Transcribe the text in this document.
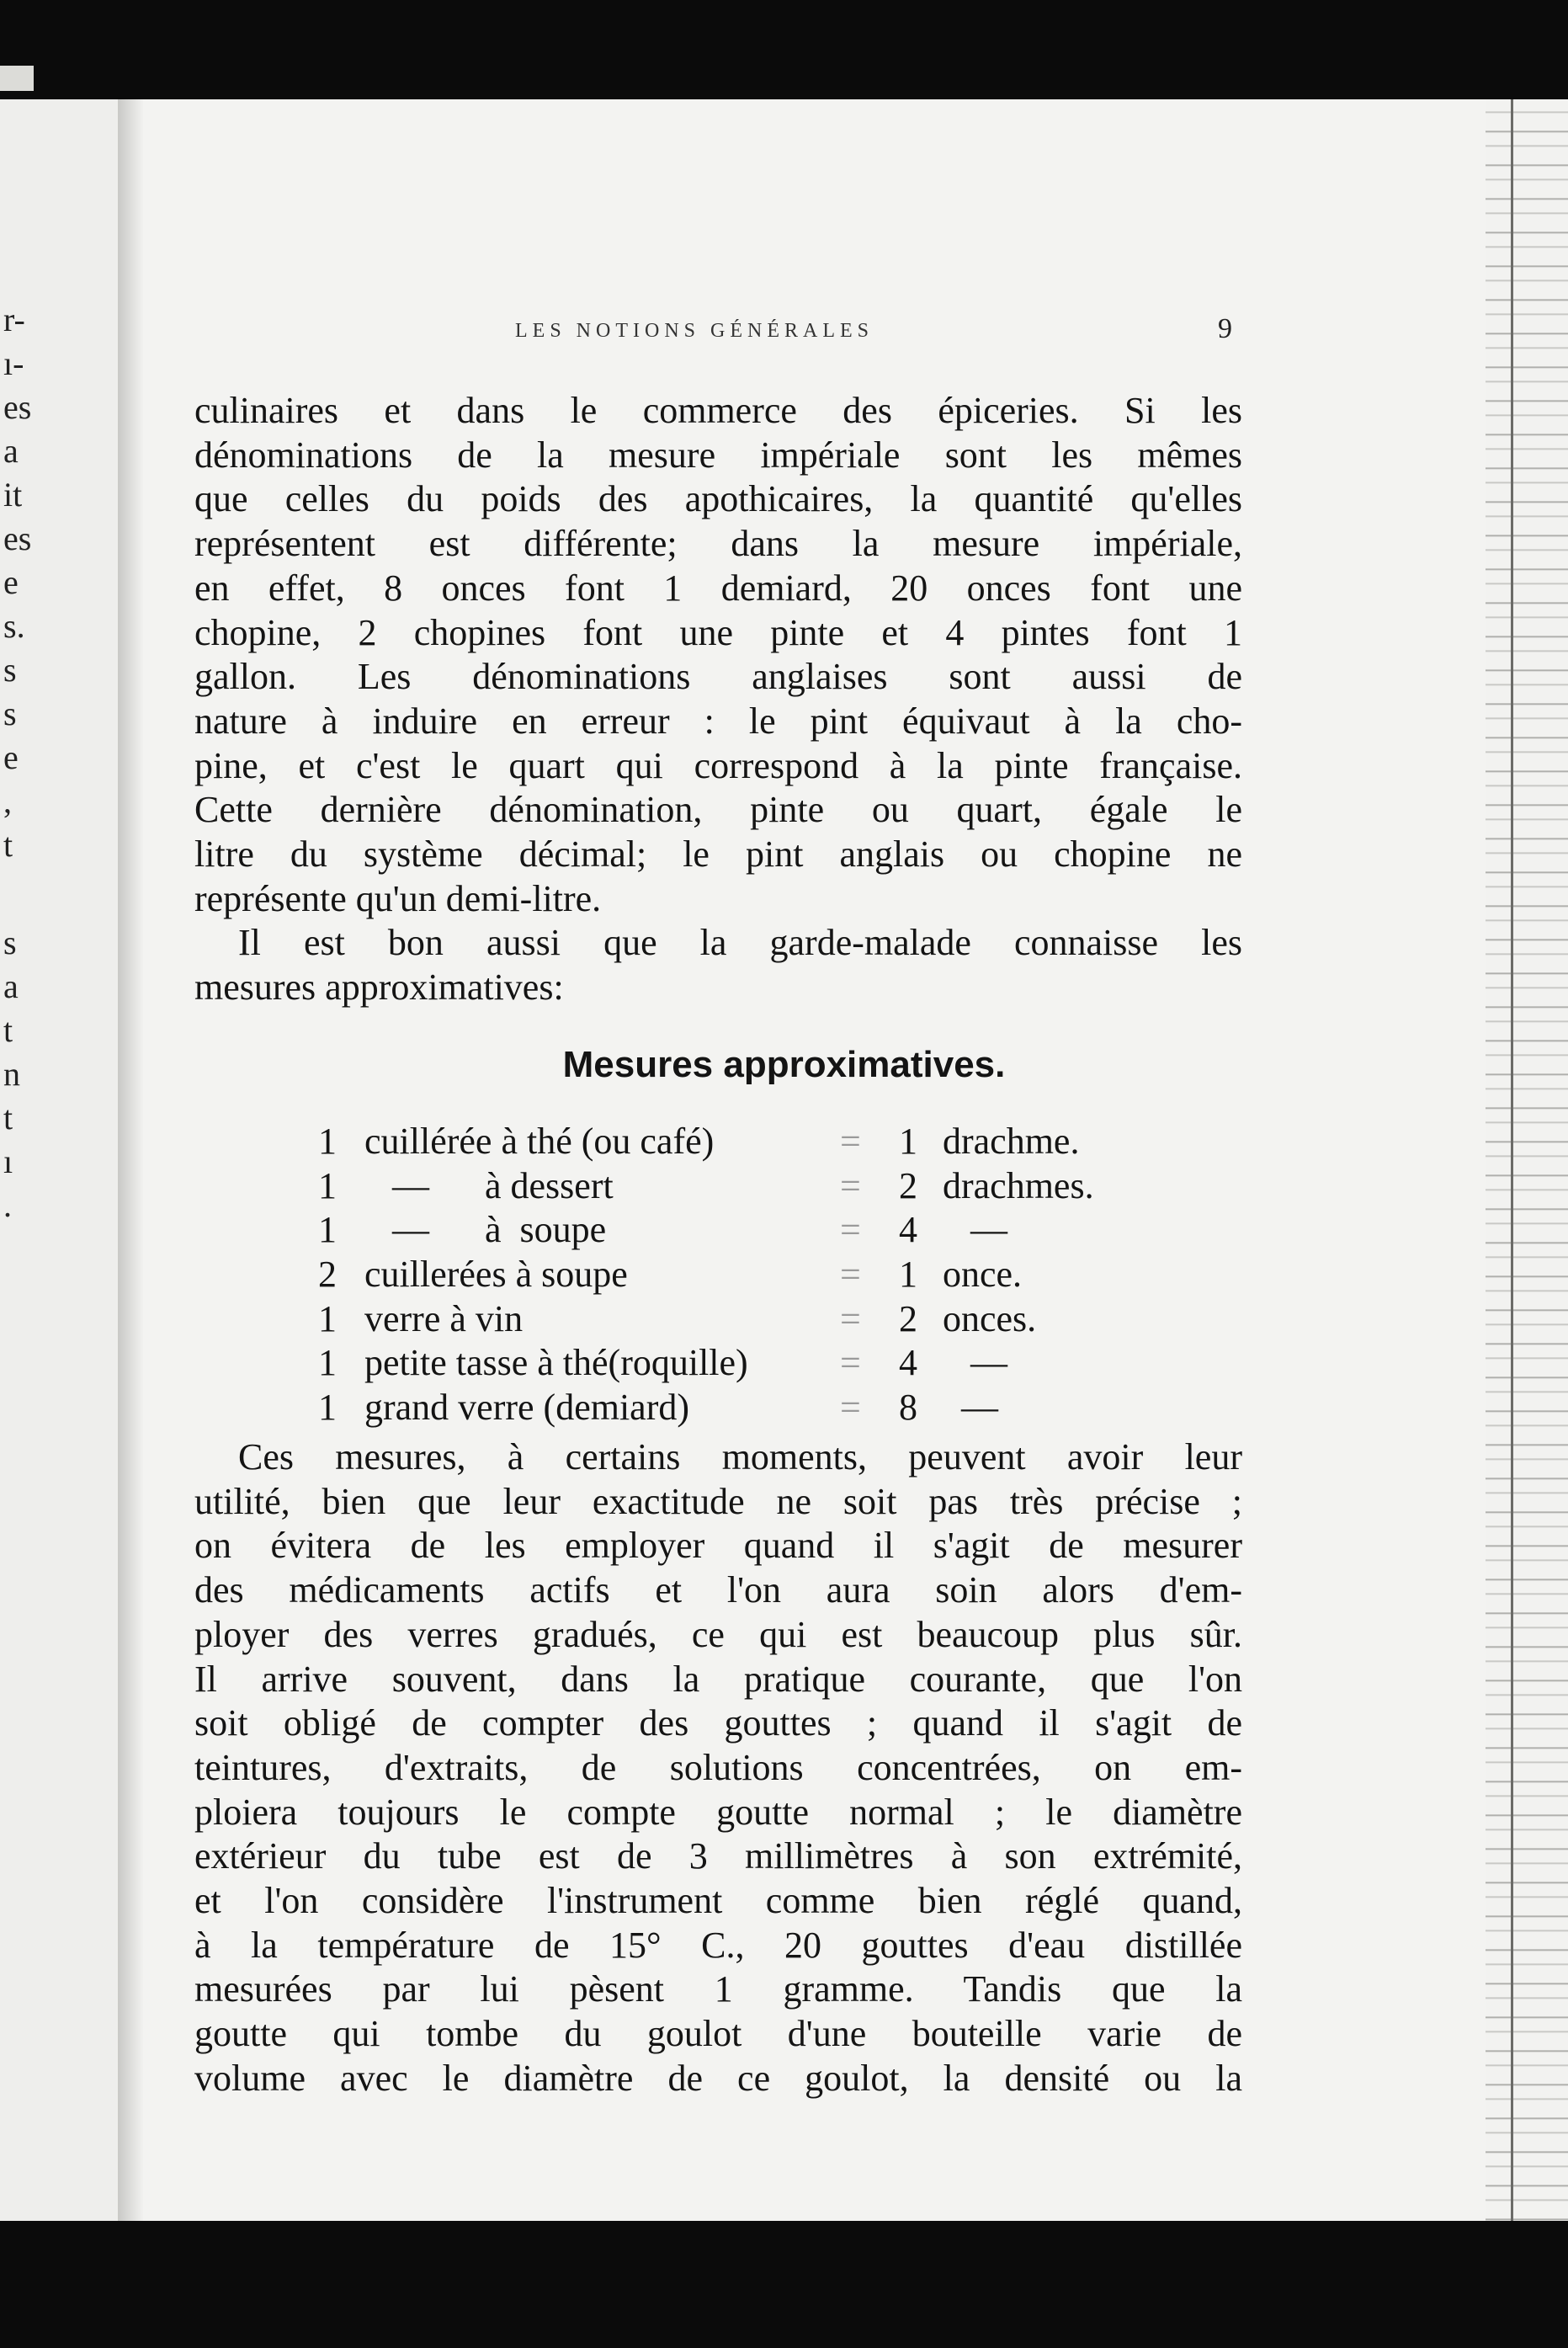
r-
ı-
es
a
it
es
e
s.
s
s
e
,
t
s
a
t
n
t
ı
.
LES NOTIONS GÉNÉRALES	9
culinaires et dans le commerce des épiceries. Si les
dénominations de la mesure impériale sont les mêmes
que celles du poids des apothicaires, la quantité qu'elles
représentent est différente; dans la mesure impériale,
en effet, 8 onces font 1 demiard, 20 onces font une
chopine, 2 chopines font une pinte et 4 pintes font 1
gallon. Les dénominations anglaises sont aussi de
nature à induire en erreur : le pint équivaut à la cho-
pine, et c'est le quart qui correspond à la pinte française.
Cette dernière dénomination, pinte ou quart, égale le
litre du système décimal; le pint anglais ou chopine ne
représente qu'un demi-litre.
Il est bon aussi que la garde-malade connaisse les
mesures approximatives:
Mesures approximatives.
1 cuillérée à thé (ou café)	= 1 drachme.
1 —      à dessert	= 2 drachmes.
1 —      à  soupe	= 4 —
2 cuillerées à soupe	= 1 once.
1 verre à vin	= 2 onces.
1 petite tasse à thé(roquille) = 4 —
1 grand verre (demiard)	= 8 —
Ces mesures, à certains moments, peuvent avoir leur
utilité, bien que leur exactitude ne soit pas très précise ;
on évitera de les employer quand il s'agit de mesurer
des médicaments actifs et l'on aura soin alors d'em-
ployer des verres gradués, ce qui est beaucoup plus sûr.
Il arrive souvent, dans la pratique courante, que l'on
soit obligé de compter des gouttes ; quand il s'agit de
teintures, d'extraits, de solutions concentrées, on em-
ploiera toujours le compte goutte normal ; le diamètre
extérieur du tube est de 3 millimètres à son extrémité,
et l'on considère l'instrument comme bien réglé quand,
à la température de 15° C., 20 gouttes d'eau distillée
mesurées par lui pèsent 1 gramme. Tandis que la
goutte qui tombe du goulot d'une bouteille varie de
volume avec le diamètre de ce goulot, la densité ou la
